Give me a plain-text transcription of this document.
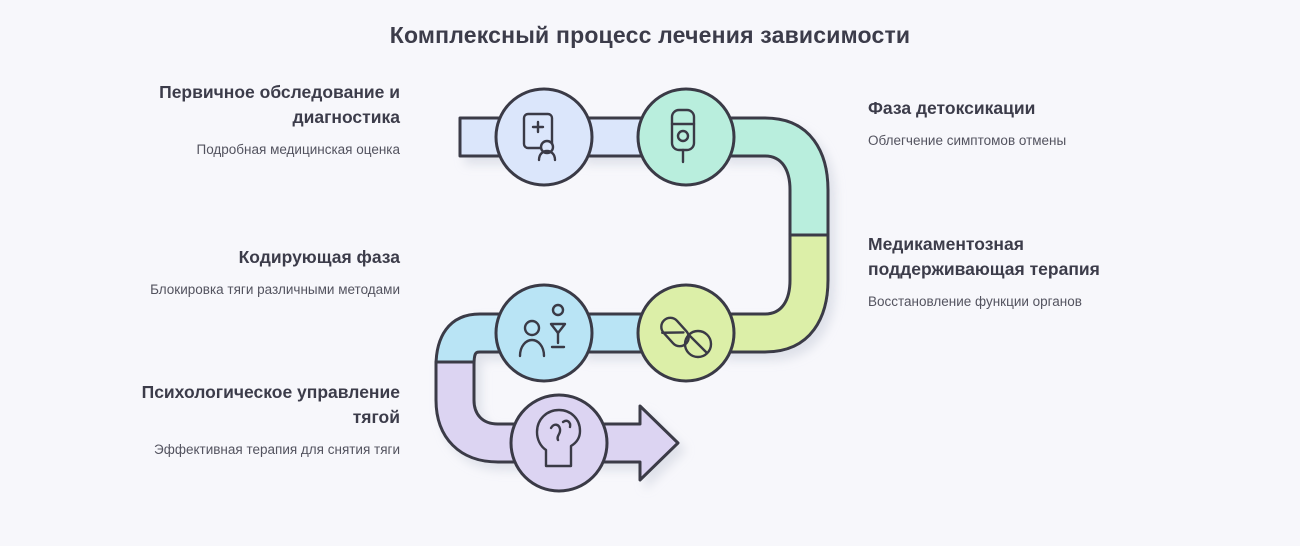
Комплексный процесс лечения зависимости
Первичное обследование и диагностика
Подробная медицинская оценка
Кодирующая фаза
Блокировка тяги различными методами
Психологическое управление тягой
Эффективная терапия для снятия тяги
Фаза детоксикации
Облегчение симптомов отмены
Медикаментозная поддерживающая терапия
Восстановление функции органов
